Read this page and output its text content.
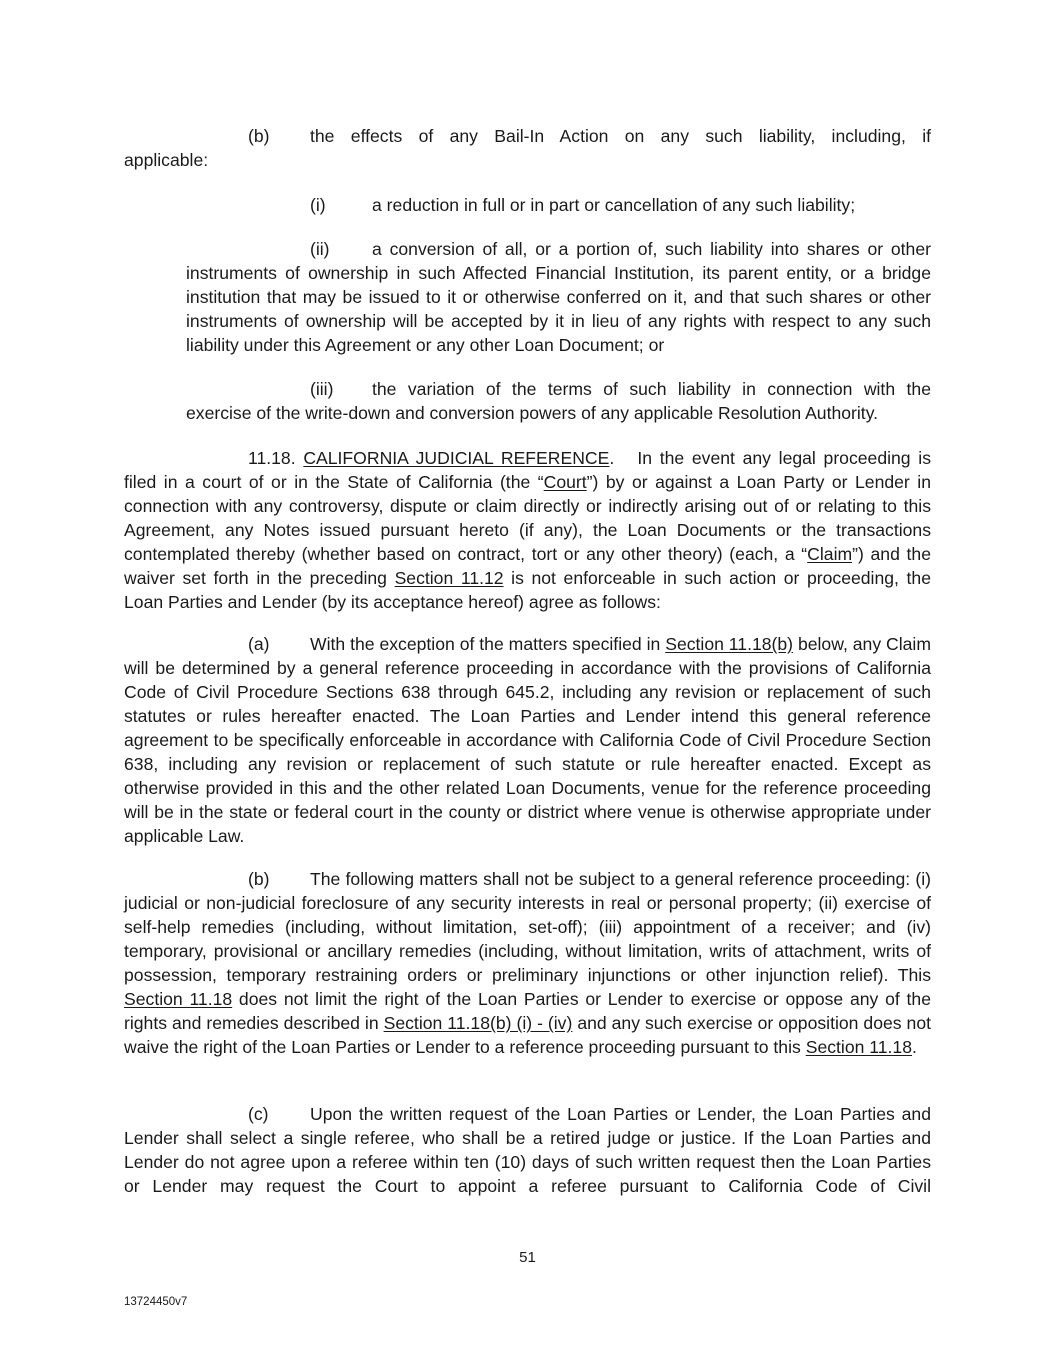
(b) the effects of any Bail-In Action on any such liability, including, if
applicable:
(i)	a reduction in full or in part or cancellation of any such liability;
(ii) a conversion of all, or a portion of, such liability into shares or other
instruments of ownership in such Affected Financial Institution, its parent entity, or a bridge institution that may be issued to it or otherwise conferred on it, and that such shares or other instruments of ownership will be accepted by it in lieu of any rights with respect to any such liability under this Agreement or any other Loan Document; or
(iii) the variation of the terms of such liability in connection with the
exercise of the write-down and conversion powers of any applicable Resolution Authority.
11.18. CALIFORNIA JUDICIAL REFERENCE. In the event any legal proceeding is filed in a court of or in the State of California (the “Court”) by or against a Loan Party or Lender in connection with any controversy, dispute or claim directly or indirectly arising out of or relating to this Agreement, any Notes issued pursuant hereto (if any), the Loan Documents or the transactions contemplated thereby (whether based on contract, tort or any other theory) (each, a “Claim”) and the waiver set forth in the preceding Section 11.12 is not enforceable in such action or proceeding, the Loan Parties and Lender (by its acceptance hereof) agree as follows:
(a) With the exception of the matters specified in Section 11.18(b) below, any Claim will be determined by a general reference proceeding in accordance with the provisions of California Code of Civil Procedure Sections 638 through 645.2, including any revision or replacement of such statutes or rules hereafter enacted. The Loan Parties and Lender intend this general reference agreement to be specifically enforceable in accordance with California Code of Civil Procedure Section 638, including any revision or replacement of such statute or rule hereafter enacted. Except as otherwise provided in this and the other related Loan Documents, venue for the reference proceeding will be in the state or federal court in the county or district where venue is otherwise appropriate under applicable Law.
(b) The following matters shall not be subject to a general reference proceeding: (i) judicial or non-judicial foreclosure of any security interests in real or personal property; (ii) exercise of self-help remedies (including, without limitation, set-off); (iii) appointment of a receiver; and (iv) temporary, provisional or ancillary remedies (including, without limitation, writs of attachment, writs of possession, temporary restraining orders or preliminary injunctions or other injunction relief). This Section 11.18 does not limit the right of the Loan Parties or Lender to exercise or oppose any of the rights and remedies described in Section 11.18(b) (i) - (iv) and any such exercise or opposition does not waive the right of the Loan Parties or Lender to a reference proceeding pursuant to this Section 11.18.
(c) Upon the written request of the Loan Parties or Lender, the Loan Parties and Lender shall select a single referee, who shall be a retired judge or justice. If the Loan Parties and Lender do not agree upon a referee within ten (10) days of such written request then the Loan Parties or Lender may request the Court to appoint a referee pursuant to California Code of Civil
51
13724450v7
